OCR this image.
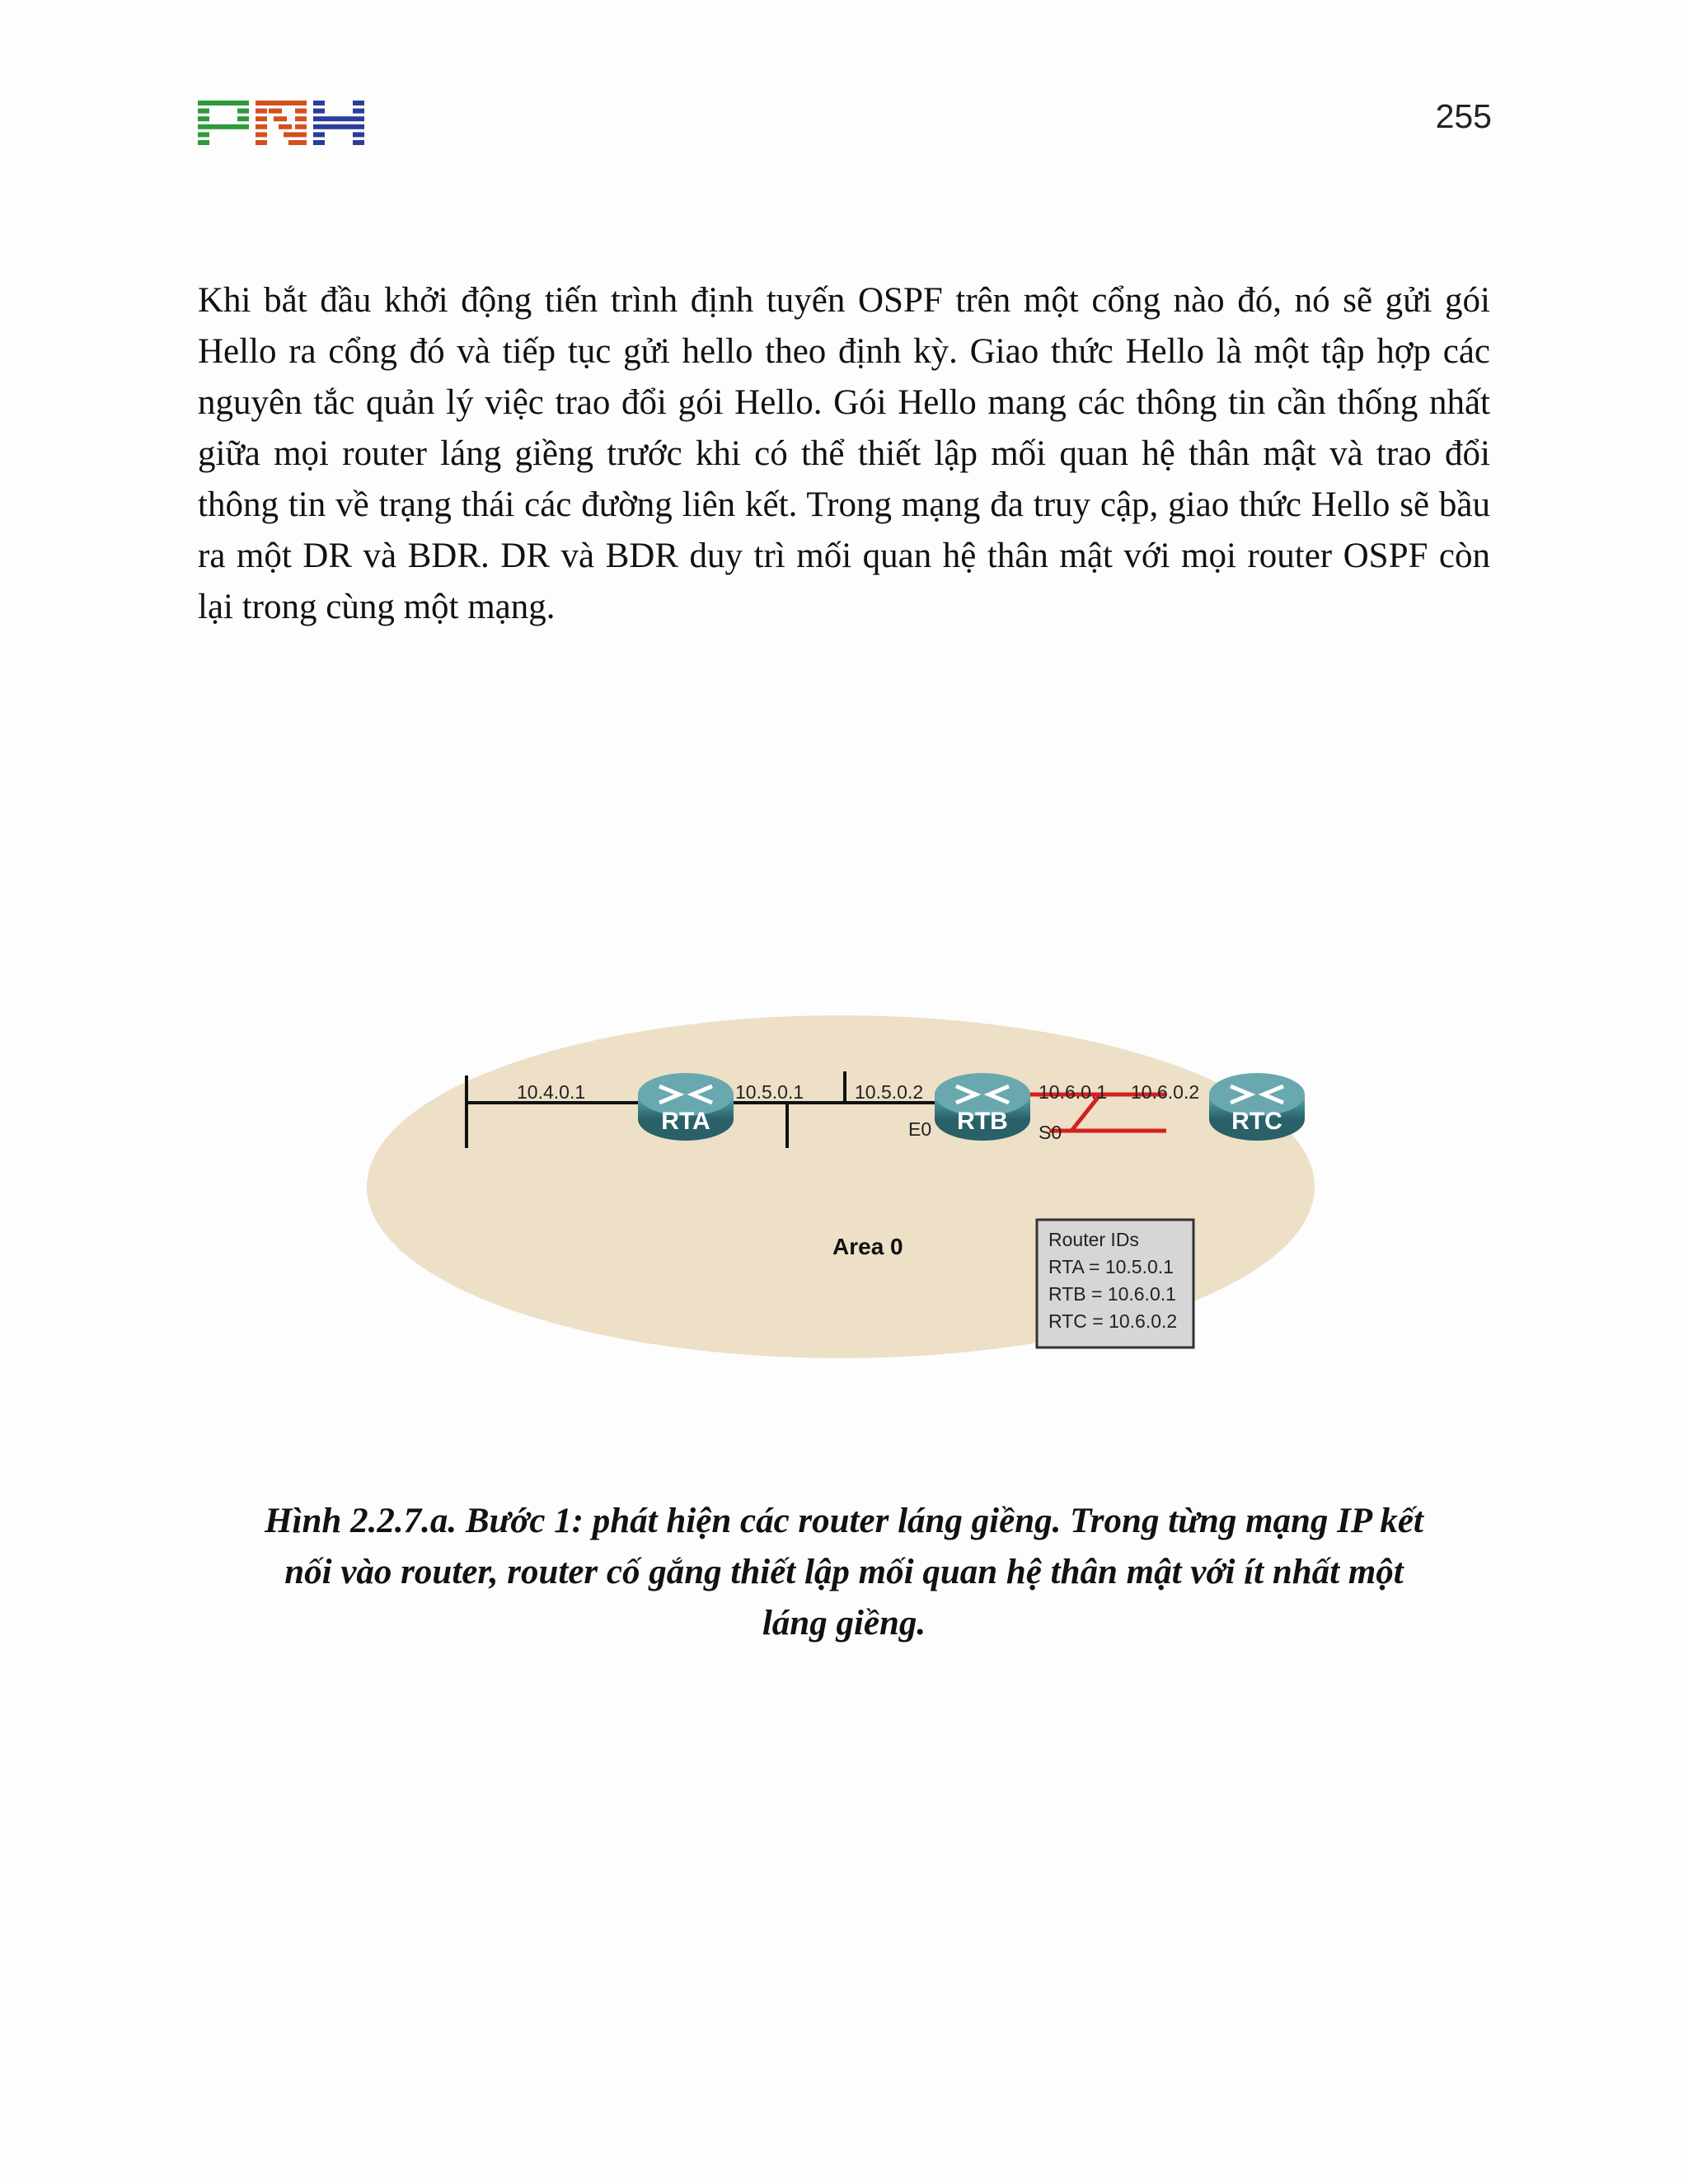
255

Khi bắt đầu khởi động tiến trình định tuyến OSPF trên một cổng nào đó, nó sẽ gửi gói Hello ra cổng đó và tiếp tục gửi hello theo định kỳ. Giao thức Hello là một tập hợp các nguyên tắc quản lý việc trao đổi gói Hello. Gói Hello mang các thông tin cần thống nhất giữa mọi router láng giềng trước khi có thể thiết lập mối quan hệ thân mật và trao đổi thông tin về trạng thái các đường liên kết. Trong mạng đa truy cập, giao thức Hello sẽ bầu ra một DR và BDR. DR và BDR duy trì mối quan hệ thân mật với mọi router OSPF còn lại trong cùng một mạng.

RTA	RTB	RTC
10.4.0.1	10.5.0.1	10.5.0.2	10.6.0.1 10.6.0.2
E0	S0
Area 0	Router IDs
RTA = 10.5.0.1
RTB = 10.6.0.1
RTC = 10.6.0.2

Hình 2.2.7.a. Bước 1: phát hiện các router láng giềng. Trong từng mạng IP kết
nối vào router, router cố gắng thiết lập mối quan hệ thân mật với ít nhất một
láng giềng.
